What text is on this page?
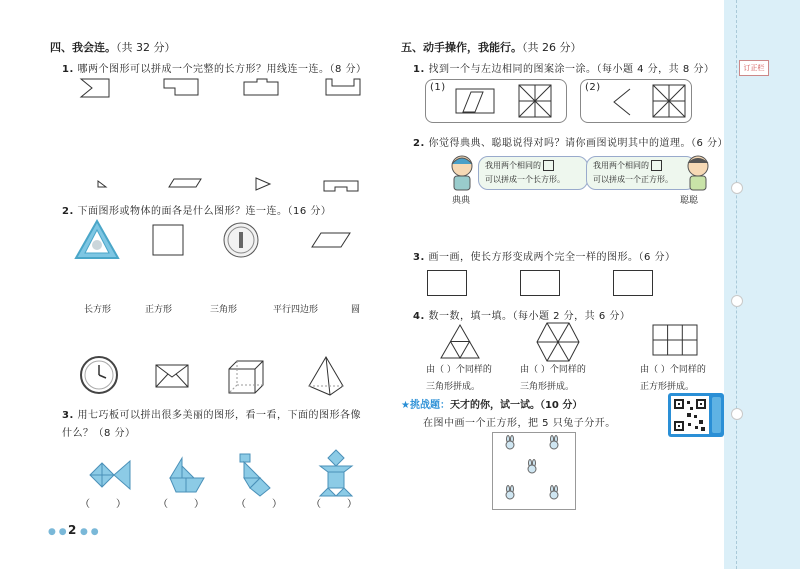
订正栏
四、我会连。（共 32 分）
1. 哪两个图形可以拼成一个完整的长方形？用线连一连。（8 分）
2. 下面图形或物体的面各是什么图形？连一连。（16 分）
长方形	正方形	三角形	平行四边形	圆
3. 用七巧板可以拼出很多美丽的图形，看一看，下面的图形各像
什么？（8 分）
（	）	（	）	（	）	（	）
● ● 2 ● ●
五、动手操作，我能行。（共 26 分）
1. 找到一个与左边相同的图案涂一涂。（每小题 4 分，共 8 分）
(1)	(2)
2. 你觉得典典、聪聪说得对吗？请你画图说明其中的道理。（6 分）
典典
我用两个相同的
可以拼成一个长方形。
我用两个相同的
可以拼成一个正方形。
聪聪
3. 画一画，使长方形变成两个完全一样的图形。（6 分）
4. 数一数，填一填。（每小题 2 分，共 6 分）
由（ ）个同样的
三角形拼成。
由（ ）个同样的
三角形拼成。
由（ ）个同样的
正方形拼成。
★挑战题：天才的你，试一试。（10 分）
在图中画一个正方形，把 5 只兔子分开。
